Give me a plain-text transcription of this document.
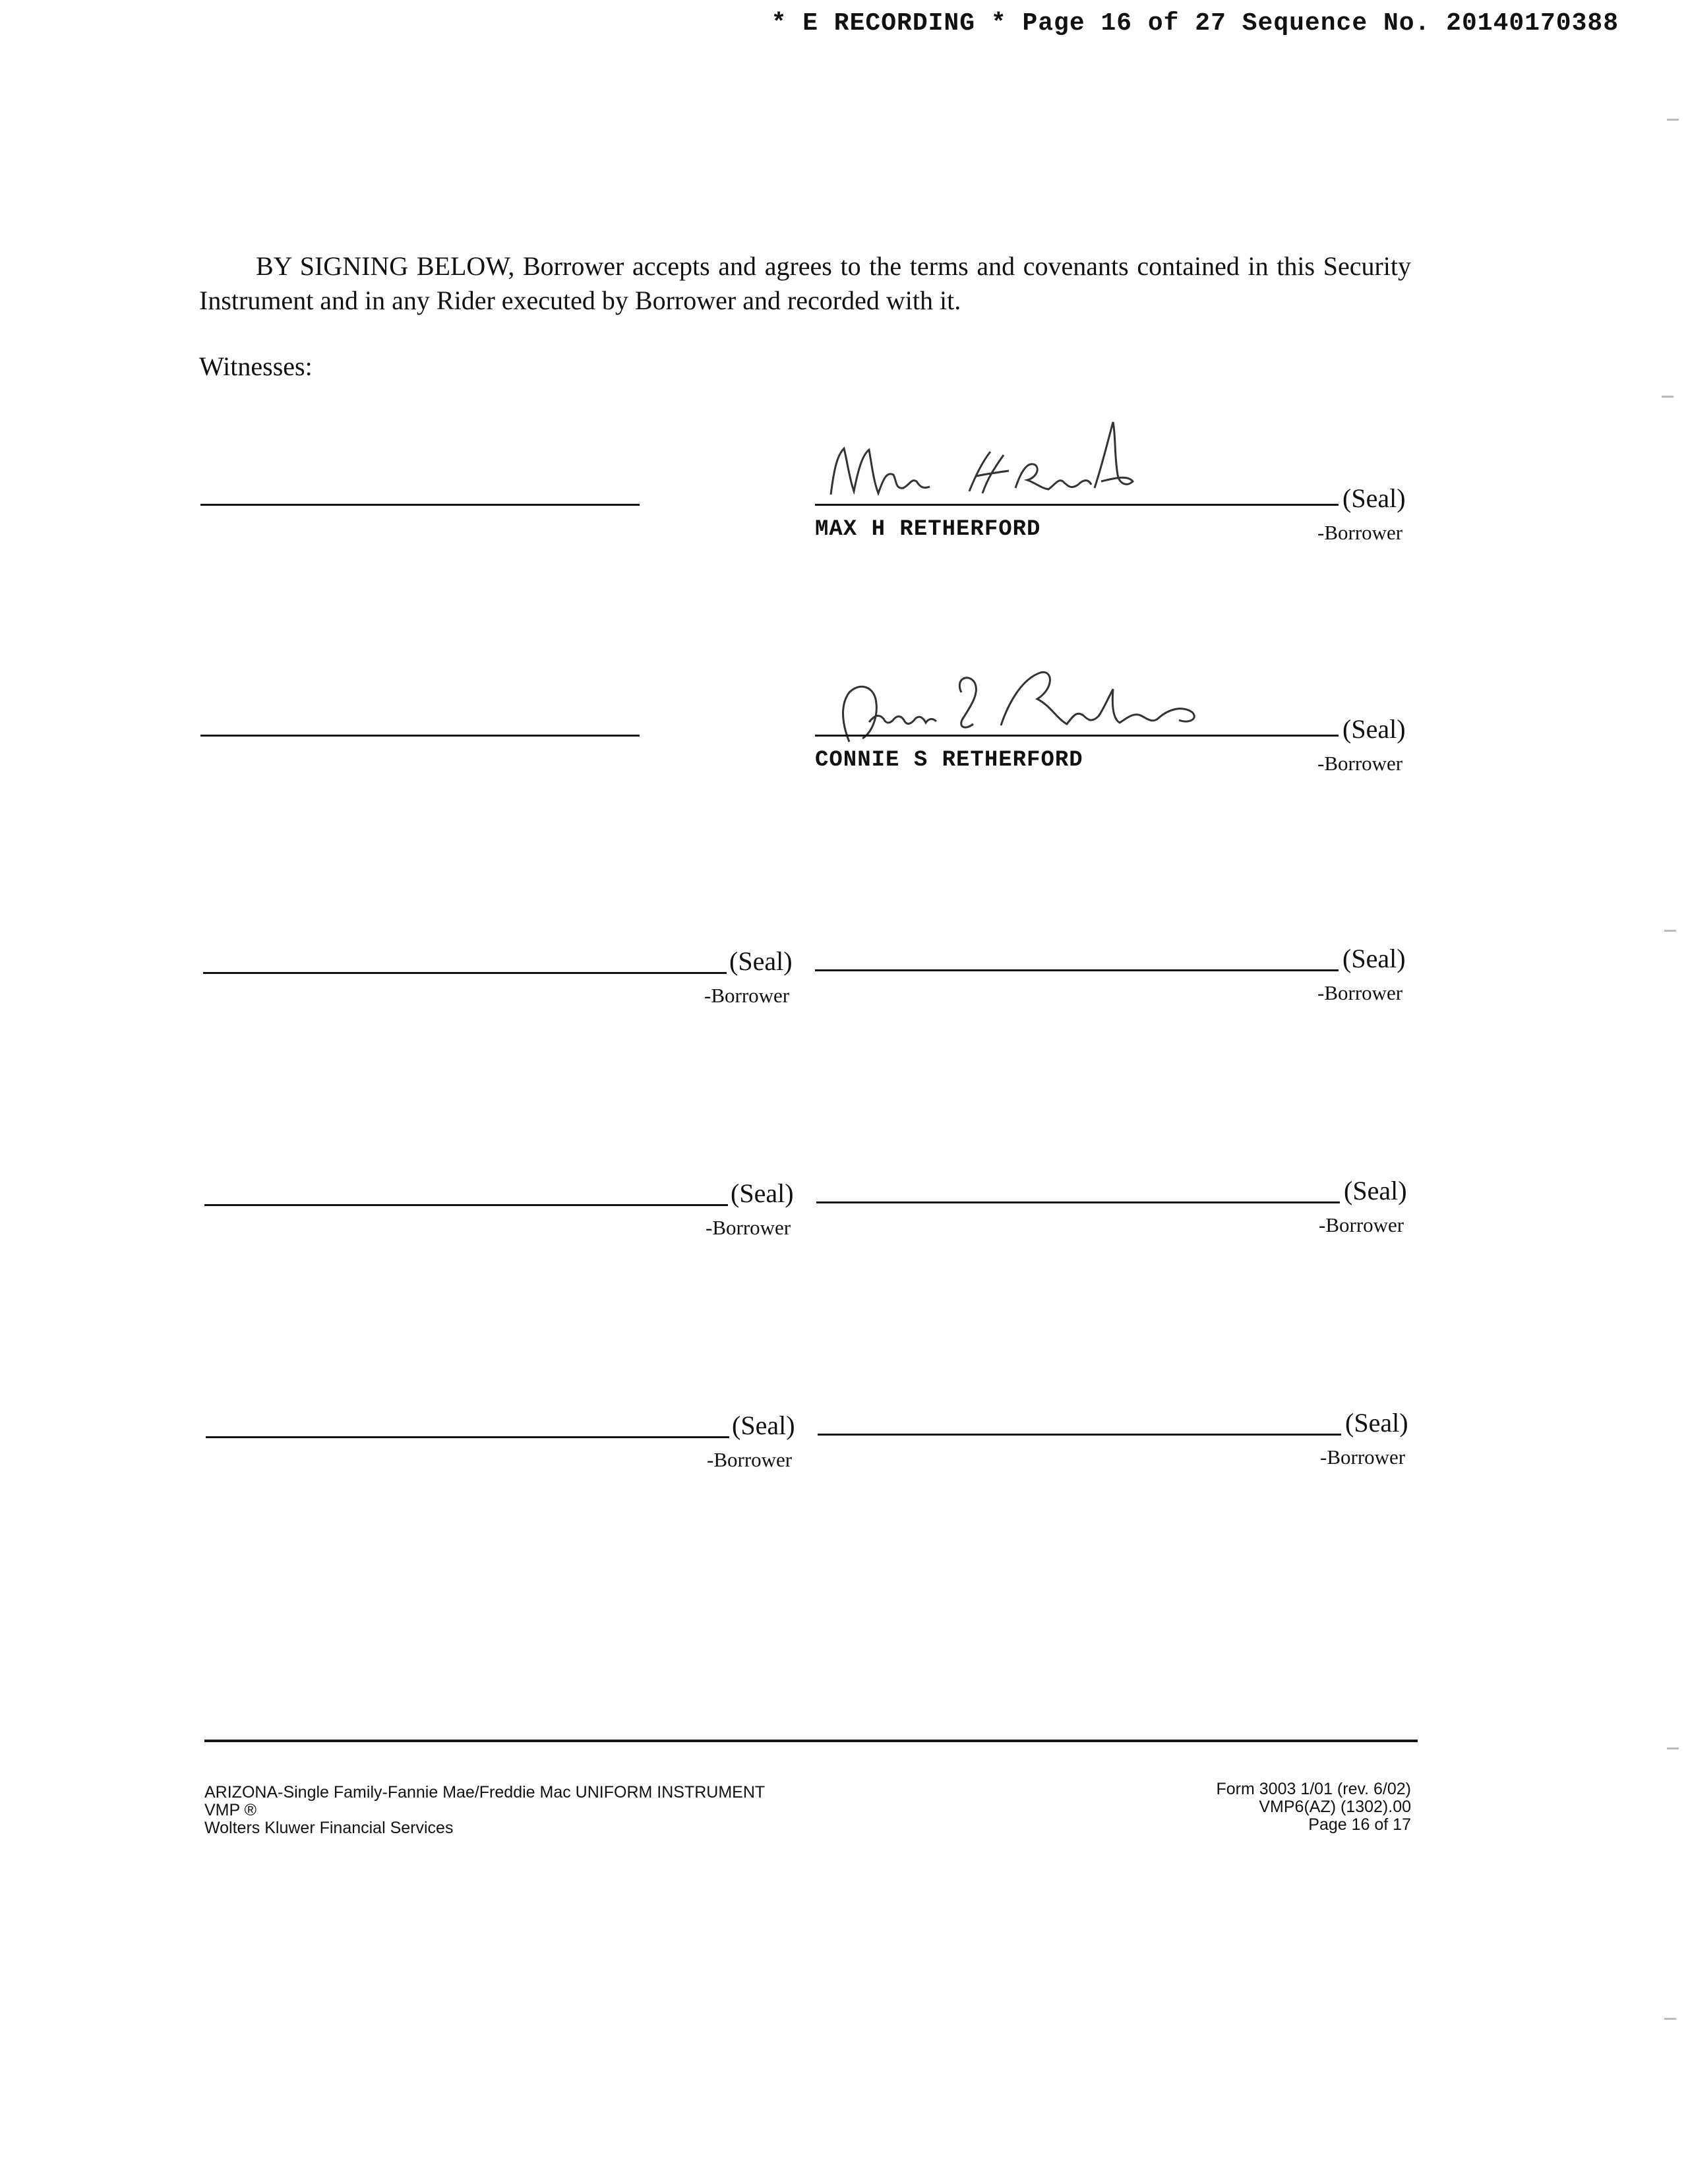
* E RECORDING * Page 16 of 27 Sequence No. 20140170388
BY SIGNING BELOW, Borrower accepts and agrees to the terms and covenants contained in this Security Instrument and in any Rider executed by Borrower and recorded with it.
Witnesses:
(Seal)
MAX H RETHERFORD	-Borrower
(Seal)
CONNIE S RETHERFORD	-Borrower
(Seal)
-Borrower
(Seal)
-Borrower
(Seal)
-Borrower
(Seal)
-Borrower
(Seal)
-Borrower
(Seal)
-Borrower
ARIZONA-Single Family-Fannie Mae/Freddie Mac UNIFORM INSTRUMENT
VMP ®
Wolters Kluwer Financial Services
Form 3003 1/01 (rev. 6/02)
VMP6(AZ) (1302).00
Page 16 of 17
